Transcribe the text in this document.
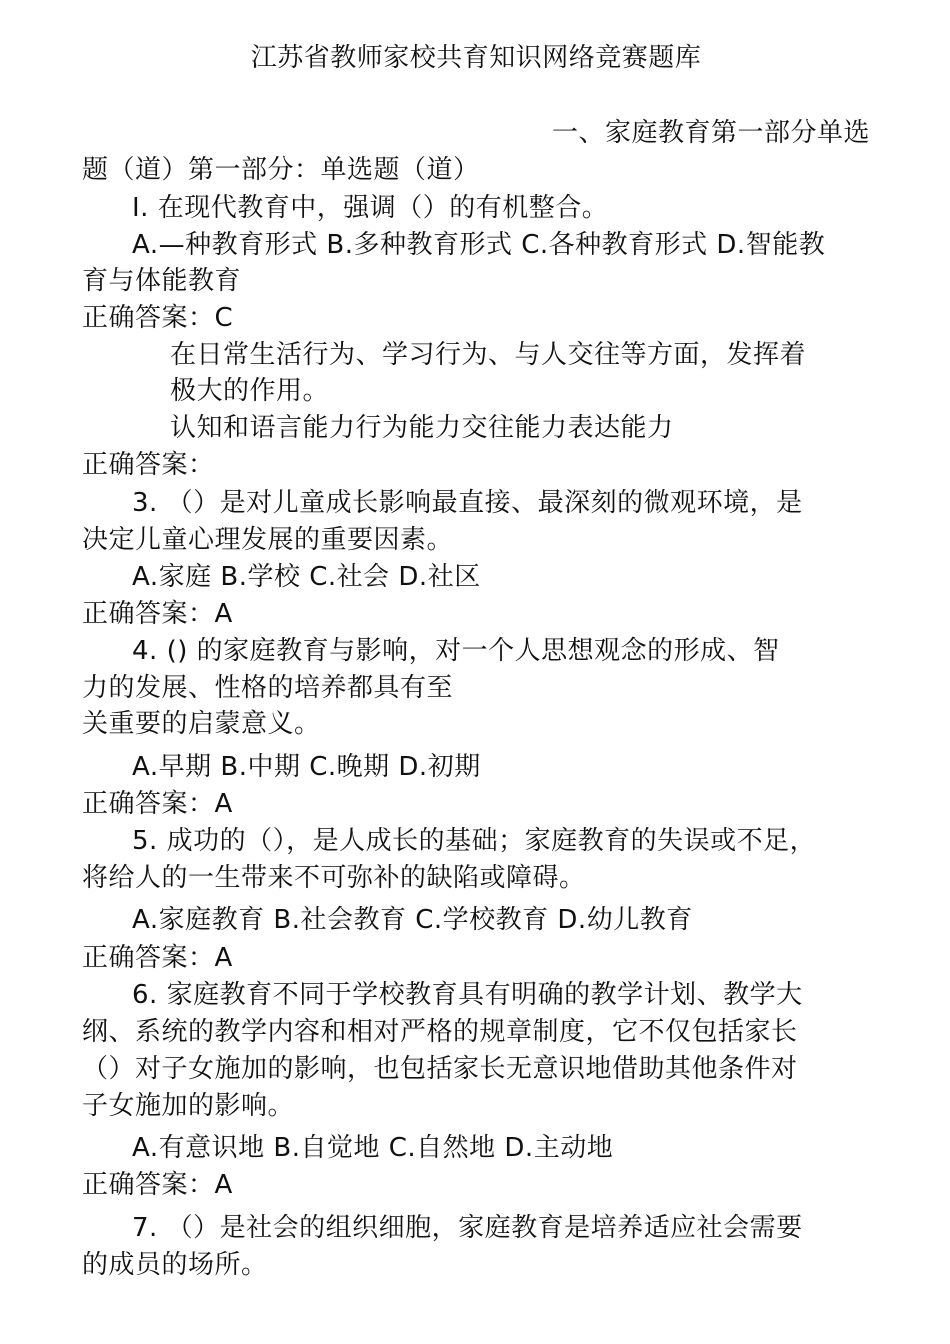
江苏省教师家校共育知识网络竞赛题库
一、家庭教育第一部分单选
题（道）第一部分：单选题（道）
I. 在现代教育中，强调（）的有机整合。
A.—种教育形式 B.多种教育形式 C.各种教育形式 D.智能教
育与体能教育
正确答案：C
在日常生活行为、学习行为、与人交往等方面，发挥着
极大的作用。
认知和语言能力行为能力交往能力表达能力
正确答案：
3. （）是对儿童成长影响最直接、最深刻的微观环境，是
决定儿童心理发展的重要因素。
A.家庭 B.学校 C.社会 D.社区
正确答案：A
4. () 的家庭教育与影响，对一个人思想观念的形成、智
力的发展、性格的培养都具有至
关重要的启蒙意义。
A.早期 B.中期 C.晚期 D.初期
正确答案：A
5. 成功的（），是人成长的基础；家庭教育的失误或不足，
将给人的一生带来不可弥补的缺陷或障碍。
A.家庭教育 B.社会教育 C.学校教育 D.幼儿教育
正确答案：A
6. 家庭教育不同于学校教育具有明确的教学计划、教学大
纲、系统的教学内容和相对严格的规章制度，它不仅包括家长
（）对子女施加的影响，也包括家长无意识地借助其他条件对
子女施加的影响。
A.有意识地 B.自觉地 C.自然地 D.主动地
正确答案：A
7. （）是社会的组织细胞，家庭教育是培养适应社会需要
的成员的场所。
